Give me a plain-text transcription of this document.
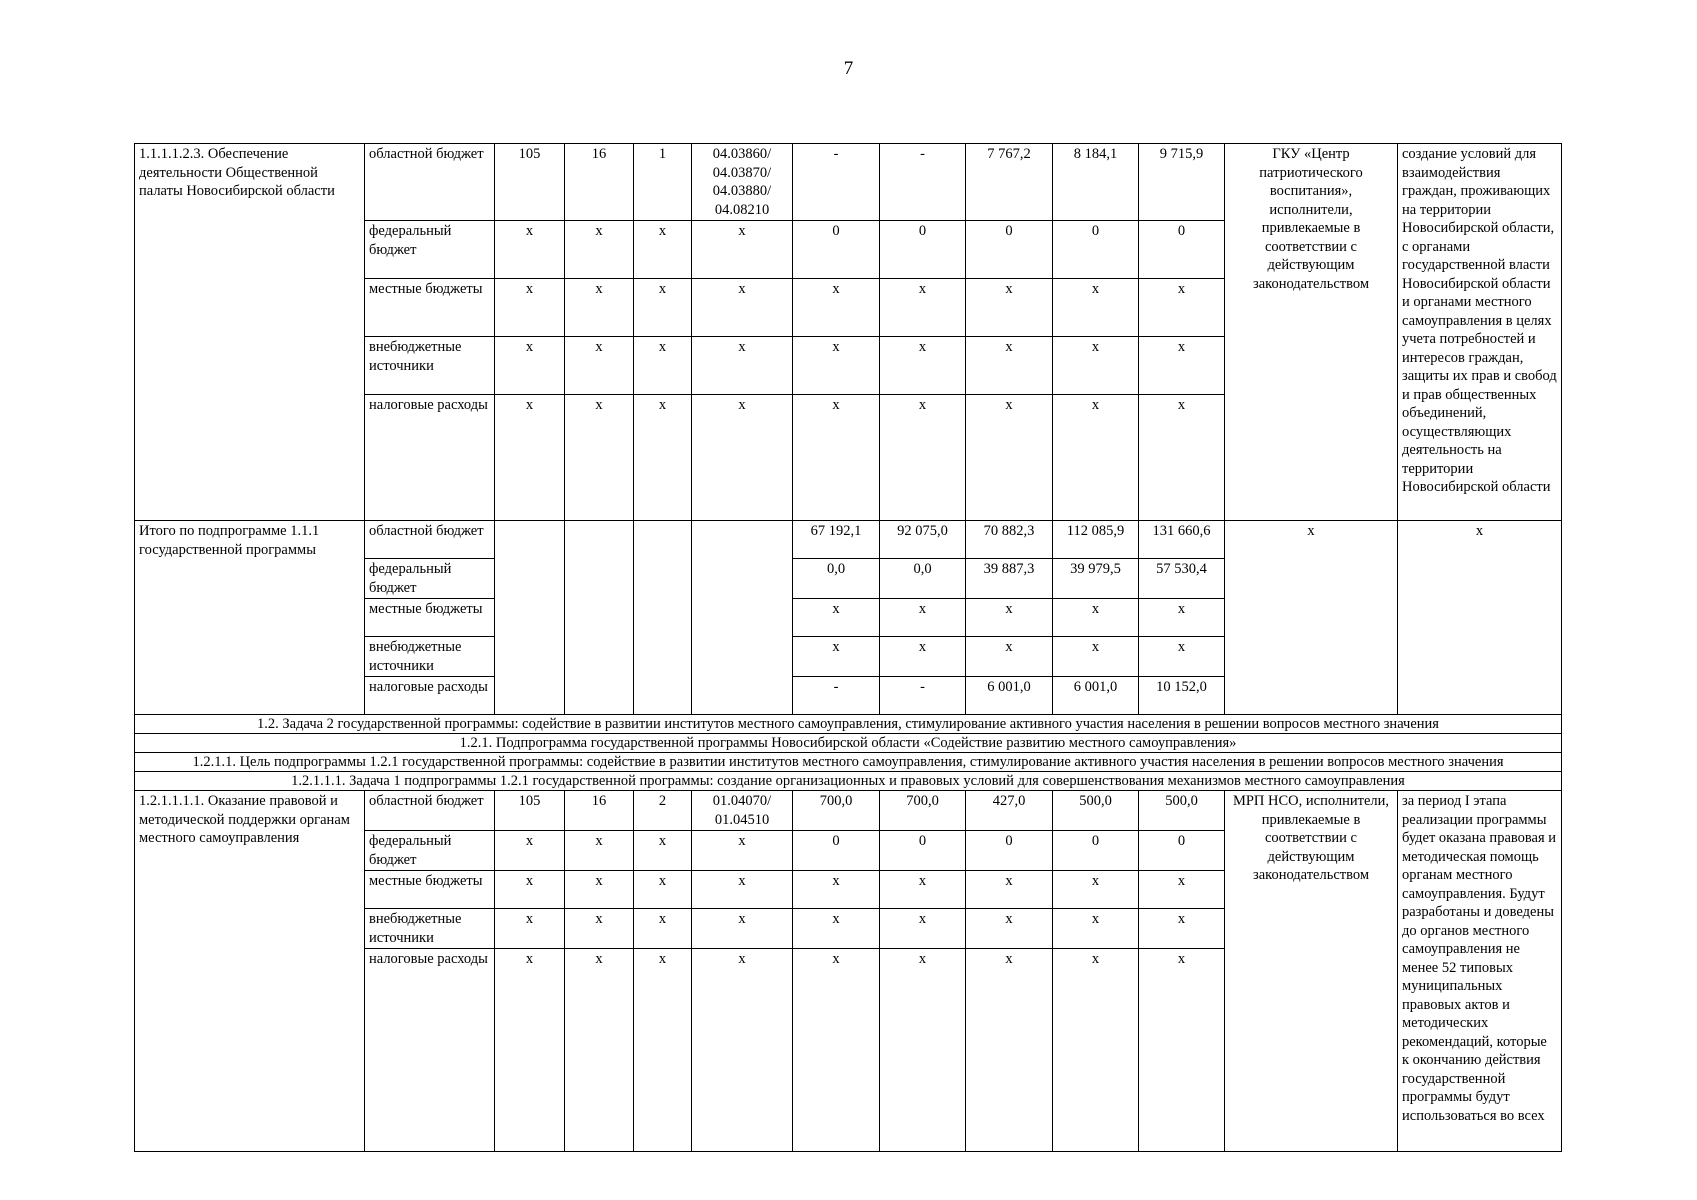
7
1.1.1.1.2.3. Обеспечение деятельности Общественной палаты Новосибирской области	областной бюджет	105	16	1	04.03860/ 04.03870/ 04.03880/ 04.08210	-	-	7 767,2	8 184,1	9 715,9	ГКУ «Центр патриотического воспитания», исполнители, привлекаемые в соответствии с действующим законодательством	создание условий для взаимодействия граждан, проживающих на территории Новосибирской области, с органами государственной власти Новосибирской области и органами местного самоуправления в целях учета потребностей и интересов граждан, защиты их прав и свобод и прав общественных объединений, осуществляющих деятельность на территории Новосибирской области
	федеральный бюджет	x	x	x	x	0	0	0	0	0		
	местные бюджеты	x	x	x	x	x	x	x	x	x		
	внебюджетные источники	x	x	x	x	x	x	x	x	x		
	налоговые расходы	x	x	x	x	x	x	x	x	x		
Итого по подпрограмме 1.1.1 государственной программы	областной бюджет					67 192,1	92 075,0	70 882,3	112 085,9	131 660,6	x	x
	федеральный бюджет					0,0	0,0	39 887,3	39 979,5	57 530,4		
	местные бюджеты					x	x	x	x	x		
	внебюджетные источники					x	x	x	x	x		
	налоговые расходы					-	-	6 001,0	6 001,0	10 152,0		
1.2. Задача 2 государственной программы: содействие в развитии институтов местного самоуправления, стимулирование активного участия населения в решении вопросов местного значения												
1.2.1. Подпрограмма государственной программы Новосибирской области «Содействие развитию местного самоуправления»												
1.2.1.1. Цель подпрограммы 1.2.1 государственной программы: содействие в развитии институтов местного самоуправления, стимулирование активного участия населения в решении вопросов местного значения												
1.2.1.1.1. Задача 1 подпрограммы 1.2.1 государственной программы: создание организационных и правовых условий для совершенствования механизмов местного самоуправления												
1.2.1.1.1.1. Оказание правовой и методической поддержки органам местного самоуправления	областной бюджет	105	16	2	01.04070/ 01.04510	700,0	700,0	427,0	500,0	500,0	МРП НСО, исполнители, привлекаемые в соответствии с действующим законодательством	за период I этапа реализации программы будет оказана правовая и методическая помощь органам местного самоуправления. Будут разработаны и доведены до органов местного самоуправления не менее 52 типовых муниципальных правовых актов и методических рекомендаций, которые к окончанию действия государственной программы будут использоваться во всех
	федеральный бюджет	x	x	x	x	0	0	0	0	0		
	местные бюджеты	x	x	x	x	x	x	x	x	x		
	внебюджетные источники	x	x	x	x	x	x	x	x	x		
	налоговые расходы	x	x	x	x	x	x	x	x	x		
